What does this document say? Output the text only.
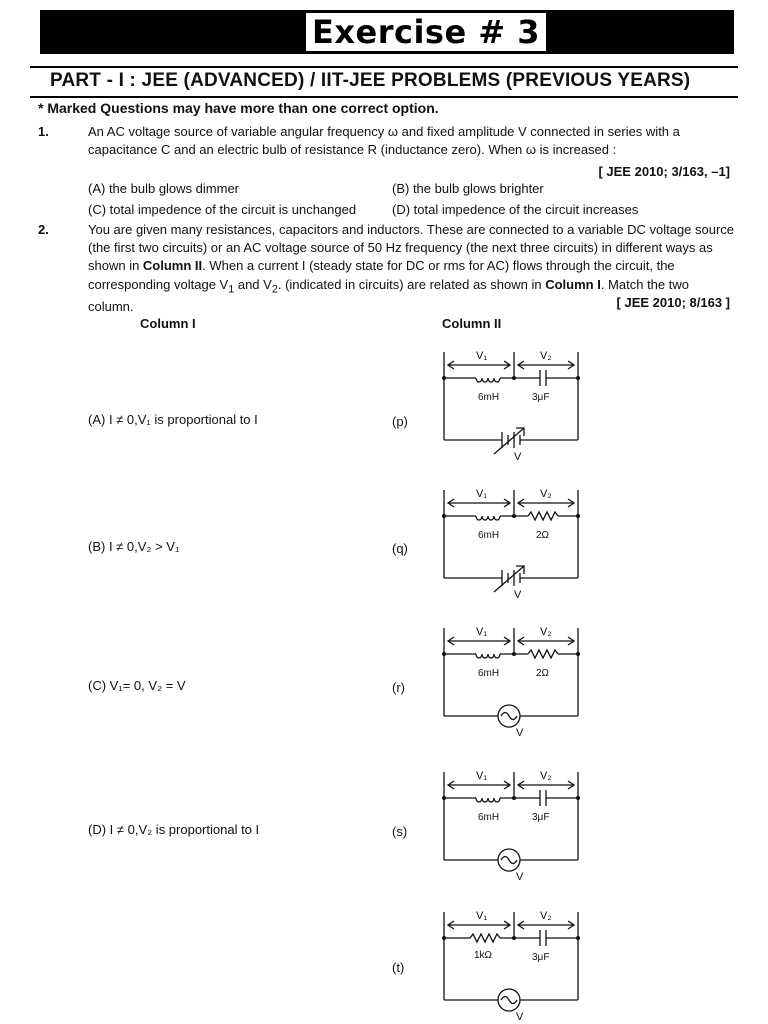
Exercise # 3
PART - I : JEE (ADVANCED) / IIT-JEE PROBLEMS (PREVIOUS YEARS)
* Marked Questions may have more than one correct option.
1.	An AC voltage source of variable angular frequency ω and fixed amplitude V connected in series with a capacitance C and an electric bulb of resistance R (inductance zero). When ω is increased :
[ JEE 2010; 3/163, –1]
(A) the bulb glows dimmer	(B) the bulb glows brighter
(C) total impedence of the circuit is unchanged	(D) total impedence of the circuit increases
2.	You are given many resistances, capacitors and inductors. These are connected to a variable DC voltage source (the first two circuits) or an AC voltage source of 50 Hz frequency (the next three circuits) in different ways as shown in Column II. When a current I (steady state for DC or rms for AC) flows through the circuit, the corresponding voltage $V_1$ and $V_2$. (indicated in circuits) are related as shown in Column I. Match the two column.	[ JEE 2010; 8/163 ]
Column I	Column II
(A) I ≠ 0,V₁ is proportional to I	(p)
(B) I ≠ 0,V₂ > V₁	(q)
(C) V₁= 0, V₂ = V	(r)
(D) I ≠ 0,V₂ is proportional to I	(s)
(t)
V₁	V₂
6mH	3μF
V
V₁	V₂
6mH	2Ω
V
V₁	V₂
6mH	2Ω
V
V₁	V₂
6mH	3μF
V
V₁	V₂
1kΩ	3μF
V
